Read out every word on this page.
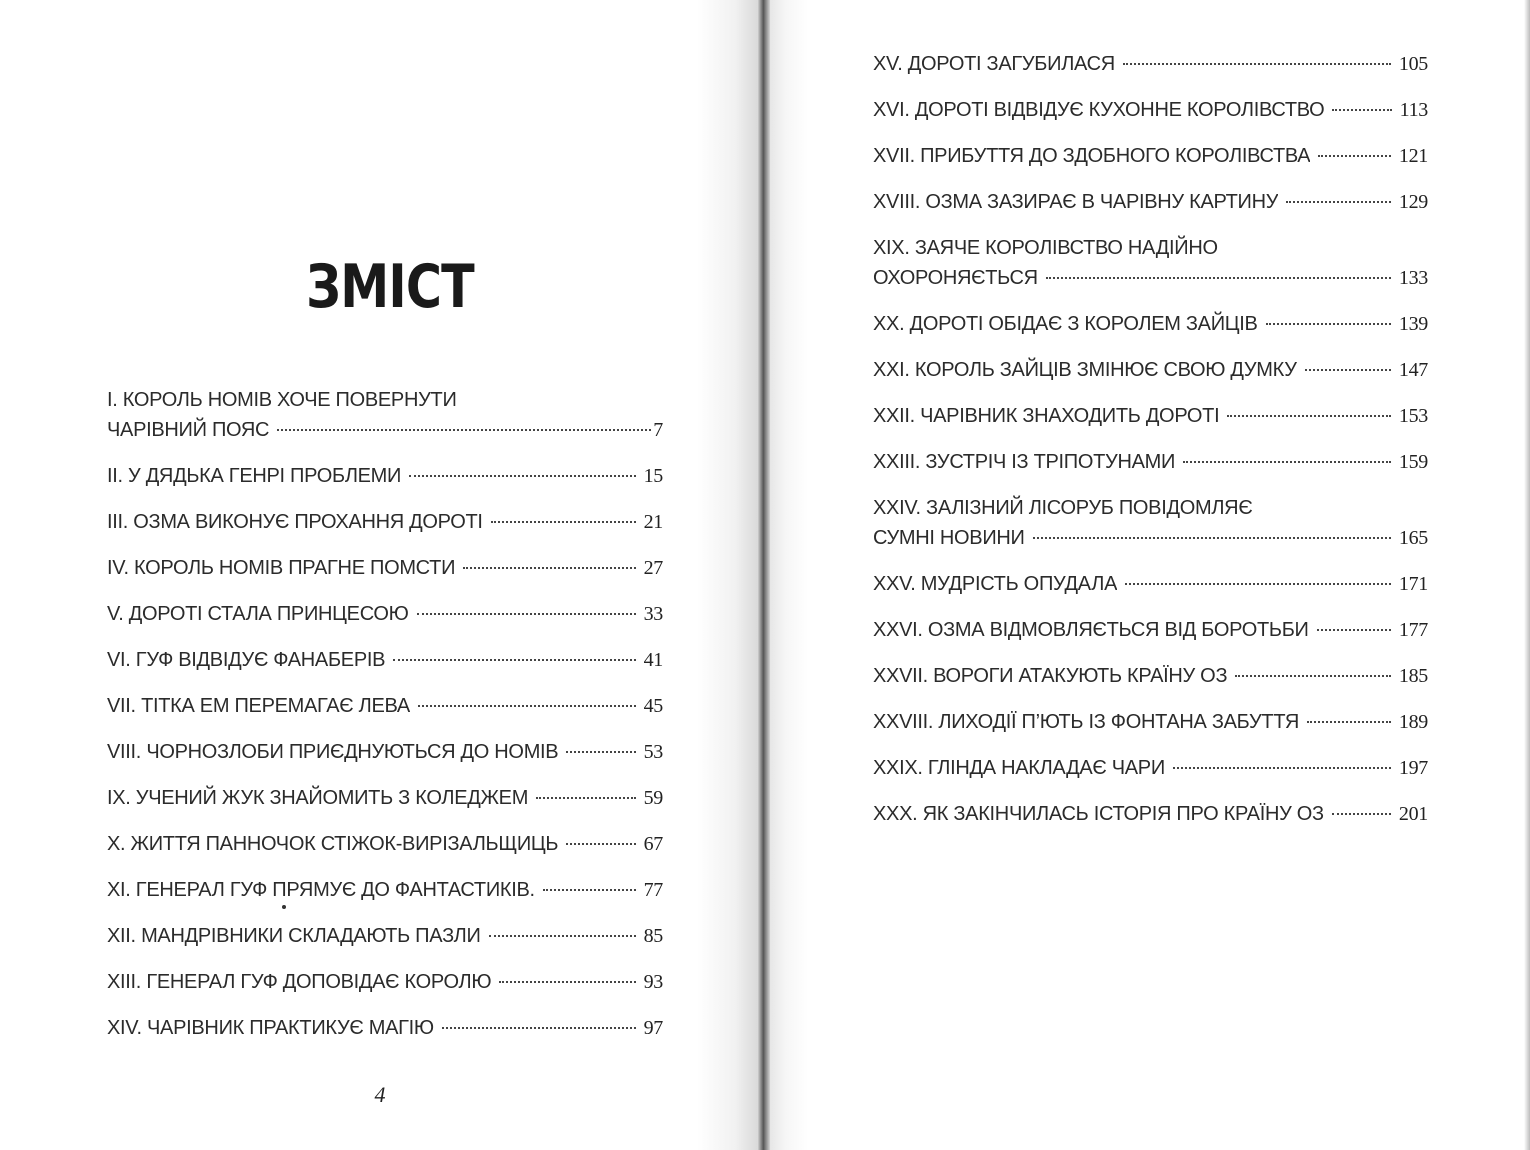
ЗМІСТ
I. КОРОЛЬ НОМІВ ХОЧЕ ПОВЕРНУТИ
ЧАРІВНИЙ ПОЯС	7
II. У ДЯДЬКА ГЕНРІ ПРОБЛЕМИ	15
III. ОЗМА ВИКОНУЄ ПРОХАННЯ ДОРОТІ	21
IV. КОРОЛЬ НОМІВ ПРАГНЕ ПОМСТИ	27
V. ДОРОТІ СТАЛА ПРИНЦЕСОЮ	33
VI. ГУФ ВІДВІДУЄ ФАНАБЕРІВ	41
VII. ТІТКА ЕМ ПЕРЕМАГАЄ ЛЕВА	45
VIII. ЧОРНОЗЛОБИ ПРИЄДНУЮТЬСЯ ДО НОМІВ	53
IX. УЧЕНИЙ ЖУК ЗНАЙОМИТЬ З КОЛЕДЖЕМ	59
X. ЖИТТЯ ПАННОЧОК СТІЖОК-ВИРІЗАЛЬЩИЦЬ	67
XI. ГЕНЕРАЛ ГУФ ПРЯМУЄ ДО ФАНТАСТИКІВ.	77
XII. МАНДРІВНИКИ СКЛАДАЮТЬ ПАЗЛИ	85
XIII. ГЕНЕРАЛ ГУФ ДОПОВІДАЄ КОРОЛЮ	93
XIV. ЧАРІВНИК ПРАКТИКУЄ МАГІЮ	97
4
XV. ДОРОТІ ЗАГУБИЛАСЯ	105
XVI. ДОРОТІ ВІДВІДУЄ КУХОННЕ КОРОЛІВСТВО	113
XVII. ПРИБУТТЯ ДО ЗДОБНОГО КОРОЛІВСТВА	121
XVIII. ОЗМА ЗАЗИРАЄ В ЧАРІВНУ КАРТИНУ	129
XIX. ЗАЯЧЕ КОРОЛІВСТВО НАДІЙНО
ОХОРОНЯЄТЬСЯ	133
XX. ДОРОТІ ОБІДАЄ З КОРОЛЕМ ЗАЙЦІВ	139
XXI. КОРОЛЬ ЗАЙЦІВ ЗМІНЮЄ СВОЮ ДУМКУ	147
XXII. ЧАРІВНИК ЗНАХОДИТЬ ДОРОТІ	153
XXIII. ЗУСТРІЧ ІЗ ТРІПОТУНАМИ	159
XXIV. ЗАЛІЗНИЙ ЛІСОРУБ ПОВІДОМЛЯЄ
СУМНІ НОВИНИ	165
XXV. МУДРІСТЬ ОПУДАЛА	171
XXVI. ОЗМА ВІДМОВЛЯЄТЬСЯ ВІД БОРОТЬБИ	177
XXVII. ВОРОГИ АТАКУЮТЬ КРАЇНУ ОЗ	185
XXVIII. ЛИХОДІЇ П’ЮТЬ ІЗ ФОНТАНА ЗАБУТТЯ	189
XXIX. ГЛІНДА НАКЛАДАЄ ЧАРИ	197
XXX. ЯК ЗАКІНЧИЛАСЬ ІСТОРІЯ ПРО КРАЇНУ ОЗ	201
